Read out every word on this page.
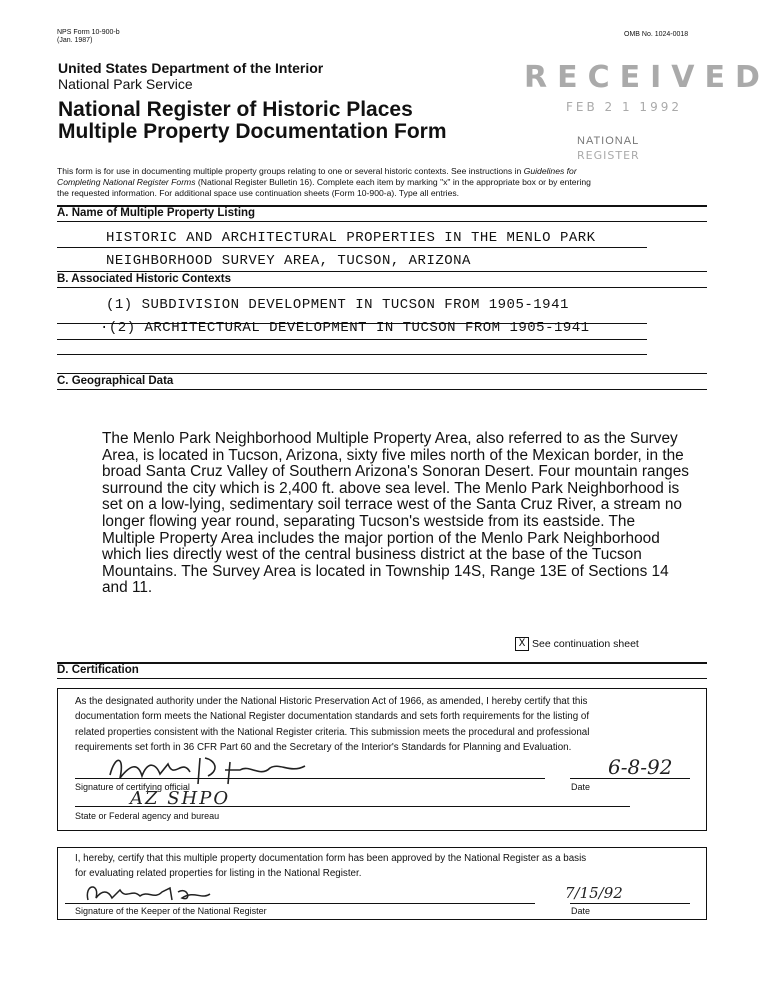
NPS Form 10-900-b
(Jan. 1987)
OMB No. 1024-0018
United States Department of the Interior
National Park Service
National Register of Historic Places
Multiple Property Documentation Form
RECEIVED
FEB 2 1 1992
NATIONAL
REGISTER
This form is for use in documenting multiple property groups relating to one or several historic contexts. See instructions in Guidelines for
Completing National Register Forms (National Register Bulletin 16). Complete each item by marking "x" in the appropriate box or by entering
the requested information. For additional space use continuation sheets (Form 10-900-a). Type all entries.
A. Name of Multiple Property Listing
HISTORIC AND ARCHITECTURAL PROPERTIES IN THE MENLO PARK
NEIGHBORHOOD SURVEY AREA, TUCSON, ARIZONA
B. Associated Historic Contexts
(1) SUBDIVISION DEVELOPMENT IN TUCSON FROM 1905-1941
·(2) ARCHITECTURAL DEVELOPMENT IN TUCSON FROM 1905-1941
C. Geographical Data
The Menlo Park Neighborhood Multiple Property Area, also referred to as the Survey
Area, is located in Tucson, Arizona, sixty five miles north of the Mexican border, in the
broad Santa Cruz Valley of Southern Arizona's Sonoran Desert. Four mountain ranges
surround the city which is 2,400 ft. above sea level. The Menlo Park Neighborhood is
set on a low-lying, sedimentary soil terrace west of the Santa Cruz River, a stream no
longer flowing year round, separating Tucson's westside from its eastside. The
Multiple Property Area includes the major portion of the Menlo Park Neighborhood
which lies directly west of the central business district at the base of the Tucson
Mountains. The Survey Area is located in Township 14S, Range 13E of Sections 14
and 11.
X See continuation sheet
D. Certification
As the designated authority under the National Historic Preservation Act of 1966, as amended, I hereby certify that this
documentation form meets the National Register documentation standards and sets forth requirements for the listing of
related properties consistent with the National Register criteria. This submission meets the procedural and professional
requirements set forth in 36 CFR Part 60 and the Secretary of the Interior's Standards for Planning and Evaluation.
6-8-92
Signature of certifying official	Date
AZ SHPO
State or Federal agency and bureau
I, hereby, certify that this multiple property documentation form has been approved by the National Register as a basis
for evaluating related properties for listing in the National Register.
7/15/92
Signature of the Keeper of the National Register	Date
